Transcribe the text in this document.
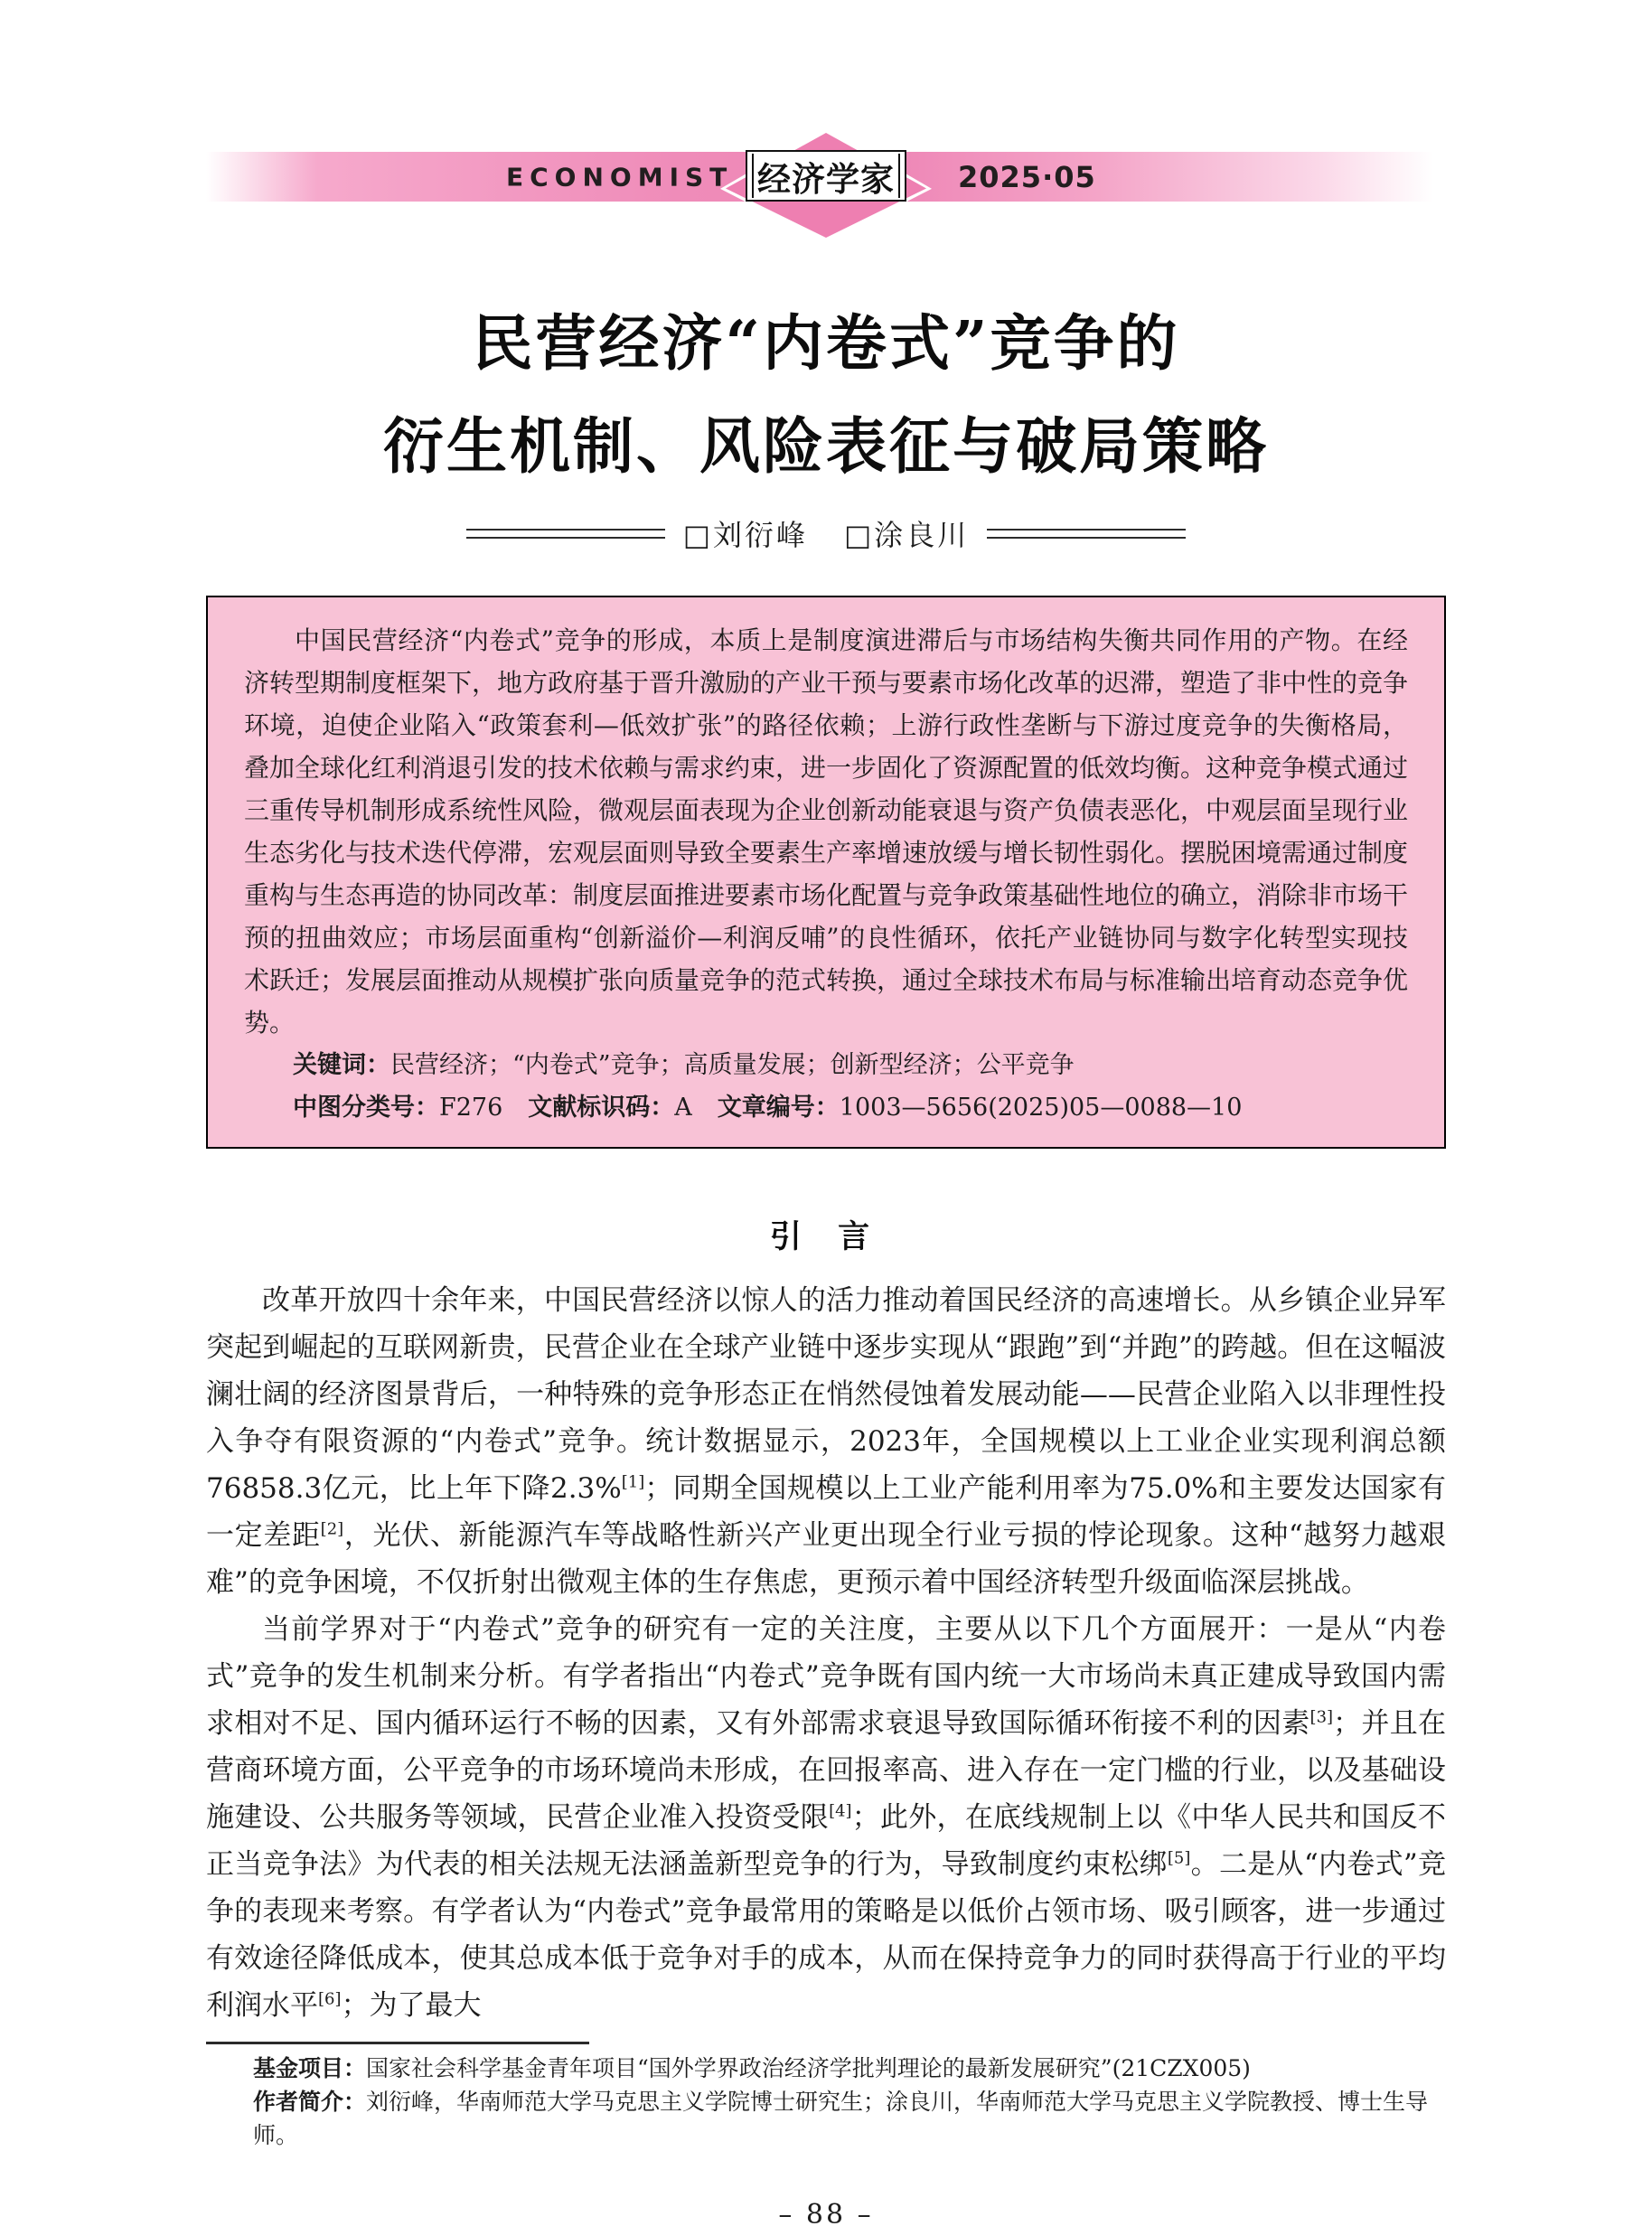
ECONOMIST 经济学家	2025·05
民营经济“内卷式”竞争的
衍生机制、风险表征与破局策略
□刘衍峰 □涂良川

中国民营经济“内卷式”竞争的形成，本质上是制度演进滞后与市场结构失衡共同作用的产物。在经济转型期制度框架下，地方政府基于晋升激励的产业干预与要素市场化改革的迟滞，塑造了非中性的竞争环境，迫使企业陷入“政策套利—低效扩张”的路径依赖；上游行政性垄断与下游过度竞争的失衡格局，叠加全球化红利消退引发的技术依赖与需求约束，进一步固化了资源配置的低效均衡。这种竞争模式通过三重传导机制形成系统性风险，微观层面表现为企业创新动能衰退与资产负债表恶化，中观层面呈现行业生态劣化与技术迭代停滞，宏观层面则导致全要素生产率增速放缓与增长韧性弱化。摆脱困境需通过制度重构与生态再造的协同改革：制度层面推进要素市场化配置与竞争政策基础性地位的确立，消除非市场干预的扭曲效应；市场层面重构“创新溢价—利润反哺”的良性循环，依托产业链协同与数字化转型实现技术跃迁；发展层面推动从规模扩张向质量竞争的范式转换，通过全球技术布局与标准输出培育动态竞争优势。

关键词：民营经济；“内卷式”竞争；高质量发展；创新型经济；公平竞争

中图分类号：F276 文献标识码：A 文章编号：1003—5656(2025)05—0088—10

引 言

改革开放四十余年来，中国民营经济以惊人的活力推动着国民经济的高速增长。从乡镇企业异军突起到崛起的互联网新贵，民营企业在全球产业链中逐步实现从“跟跑”到“并跑”的跨越。但在这幅波澜壮阔的经济图景背后，一种特殊的竞争形态正在悄然侵蚀着发展动能——民营企业陷入以非理性投入争夺有限资源的“内卷式”竞争。统计数据显示，2023年，全国规模以上工业企业实现利润总额76858.3亿元，比上年下降2.3%[1]；同期全国规模以上工业产能利用率为75.0%和主要发达国家有一定差距[2]，光伏、新能源汽车等战略性新兴产业更出现全行业亏损的悖论现象。这种“越努力越艰难”的竞争困境，不仅折射出微观主体的生存焦虑，更预示着中国经济转型升级面临深层挑战。

当前学界对于“内卷式”竞争的研究有一定的关注度，主要从以下几个方面展开：一是从“内卷式”竞争的发生机制来分析。有学者指出“内卷式”竞争既有国内统一大市场尚未真正建成导致国内需求相对不足、国内循环运行不畅的因素，又有外部需求衰退导致国际循环衔接不利的因素[3]；并且在营商环境方面，公平竞争的市场环境尚未形成，在回报率高、进入存在一定门槛的行业，以及基础设施建设、公共服务等领域，民营企业准入投资受限[4]；此外，在底线规制上以《中华人民共和国反不正当竞争法》为代表的相关法规无法涵盖新型竞争的行为，导致制度约束松绑[5]。二是从“内卷式”竞争的表现来考察。有学者认为“内卷式”竞争最常用的策略是以低价占领市场、吸引顾客，进一步通过有效途径降低成本，使其总成本低于竞争对手的成本，从而在保持竞争力的同时获得高于行业的平均利润水平[6]；为了最大

基金项目：国家社会科学基金青年项目“国外学界政治经济学批判理论的最新发展研究”(21CZX005)

作者简介：刘衍峰，华南师范大学马克思主义学院博士研究生；涂良川，华南师范大学马克思主义学院教授、博士生导师。

– 88 –
